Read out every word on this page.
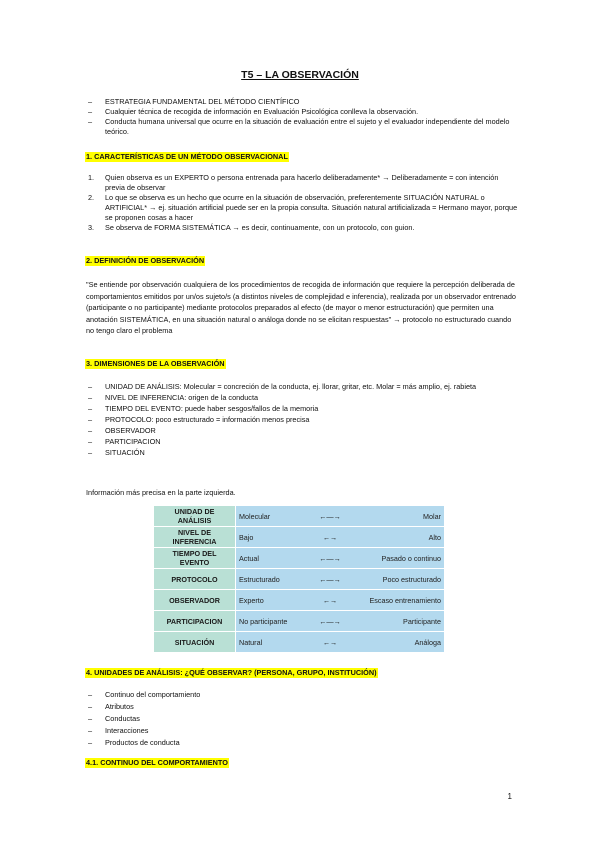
T5 – LA OBSERVACIÓN
– ESTRATEGIA FUNDAMENTAL DEL MÉTODO CIENTÍFICO
– Cualquier técnica de recogida de información en Evaluación Psicológica conlleva la observación.
– Conducta humana universal que ocurre en la situación de evaluación entre el sujeto y el evaluador independiente del modelo teórico.
1. CARACTERÍSTICAS DE UN MÉTODO OBSERVACIONAL
1. Quien observa es un EXPERTO o persona entrenada para hacerlo deliberadamente* → Deliberadamente = con intención previa de observar
2. Lo que se observa es un hecho que ocurre en la situación de observación, preferentemente SITUACIÓN NATURAL o ARTIFICIAL* → ej. situación artificial puede ser en la propia consulta. Situación natural artificializada = Hermano mayor, porque se proponen cosas a hacer
3. Se observa de FORMA SISTEMÁTICA → es decir, continuamente, con un protocolo, con guion.
2. DEFINICIÓN DE OBSERVACIÓN

"Se entiende por observación cualquiera de los procedimientos de recogida de información que requiere la percepción deliberada de comportamientos emitidos por un/os sujeto/s (a distintos niveles de complejidad e inferencia), realizada por un observador entrenado (participante o no participante) mediante protocolos preparados al efecto (de mayor o menor estructuración) que permiten una anotación SISTEMÁTICA, en una situación natural o análoga donde no se elicitan respuestas" → protocolo no estructurado cuando no tengo claro el problema

3. DIMENSIONES DE LA OBSERVACIÓN
– UNIDAD DE ANÁLISIS: Molecular = concreción de la conducta, ej. llorar, gritar, etc. Molar = más amplio, ej. rabieta
– NIVEL DE INFERENCIA: origen de la conducta
– TIEMPO DEL EVENTO: puede haber sesgos/fallos de la memoria
– PROTOCOLO: poco estructurado = información menos precisa
– OBSERVADOR
– PARTICIPACION
– SITUACIÓN

Información más precisa en la parte izquierda.

UNIDAD DE ANÁLISIS	Molecular	←—→	Molar
NIVEL DE INFERENCIA	Bajo	←→	Alto
TIEMPO DEL EVENTO	Actual	←—→	Pasado o continuo
PROTOCOLO	Estructurado	←—→	Poco estructurado
OBSERVADOR	Experto	←→	Escaso entrenamiento
PARTICIPACION	No participante	←—→	Participante
SITUACIÓN	Natural	←→	Análoga
4. UNIDADES DE ANÁLISIS: ¿QUÉ OBSERVAR? (PERSONA, GRUPO, INSTITUCIÓN)
– Continuo del comportamiento
– Atributos
– Conductas
– Interacciones
– Productos de conducta
4.1. CONTINUO DEL COMPORTAMIENTO
1
